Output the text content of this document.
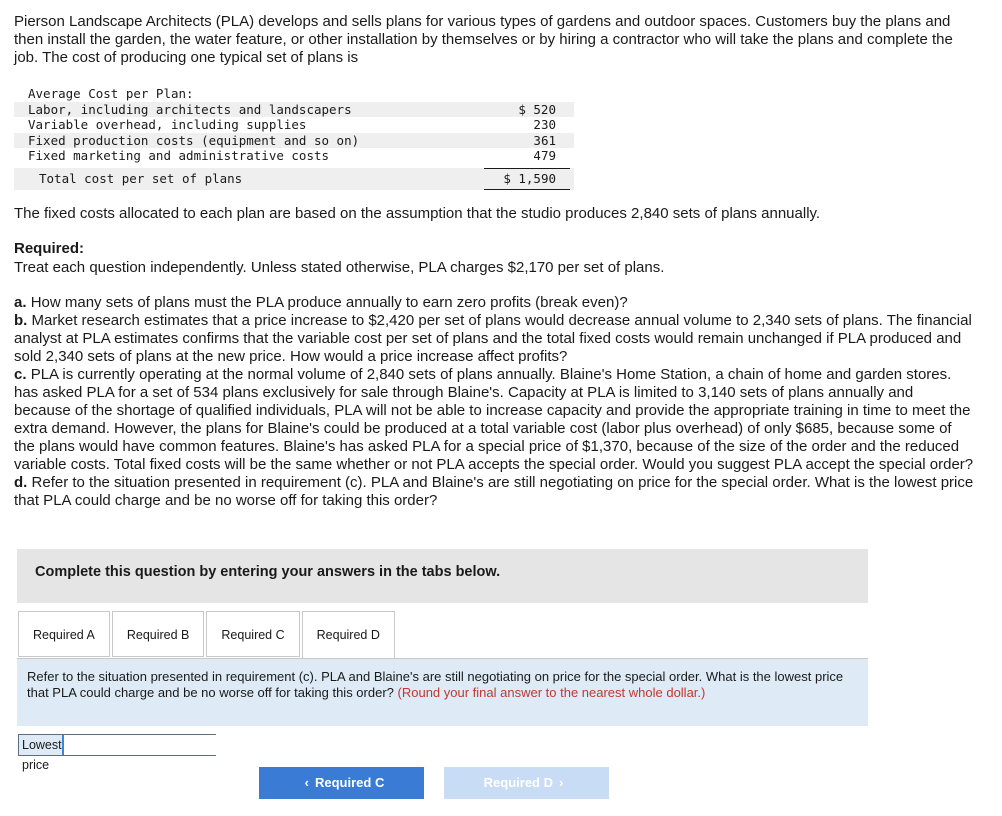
Pierson Landscape Architects (PLA) develops and sells plans for various types of gardens and outdoor spaces. Customers buy the plans and then install the garden, the water feature, or other installation by themselves or by hiring a contractor who will take the plans and complete the job. The cost of producing one typical set of plans is

Average Cost per Plan:
Labor, including architects and landscapers	$ 520
Variable overhead, including supplies	230
Fixed production costs (equipment and so on)	361
Fixed marketing and administrative costs	479
Total cost per set of plans	$ 1,590

The fixed costs allocated to each plan are based on the assumption that the studio produces 2,840 sets of plans annually.

Required:

Treat each question independently. Unless stated otherwise, PLA charges $2,170 per set of plans.

a. How many sets of plans must the PLA produce annually to earn zero profits (break even)?

b. Market research estimates that a price increase to $2,420 per set of plans would decrease annual volume to 2,340 sets of plans. The financial analyst at PLA estimates confirms that the variable cost per set of plans and the total fixed costs would remain unchanged if PLA produced and sold 2,340 sets of plans at the new price. How would a price increase affect profits?

c. PLA is currently operating at the normal volume of 2,840 sets of plans annually. Blaine's Home Station, a chain of home and garden stores. has asked PLA for a set of 534 plans exclusively for sale through Blaine's. Capacity at PLA is limited to 3,140 sets of plans annually and because of the shortage of qualified individuals, PLA will not be able to increase capacity and provide the appropriate training in time to meet the extra demand. However, the plans for Blaine's could be produced at a total variable cost (labor plus overhead) of only $685, because some of the plans would have common features. Blaine's has asked PLA for a special price of $1,370, because of the size of the order and the reduced variable costs. Total fixed costs will be the same whether or not PLA accepts the special order. Would you suggest PLA accept the special order?

d. Refer to the situation presented in requirement (c). PLA and Blaine's are still negotiating on price for the special order. What is the lowest price that PLA could charge and be no worse off for taking this order?

Complete this question by entering your answers in the tabs below.
Required A	Required B	Required C	Required D
Refer to the situation presented in requirement (c). PLA and Blaine's are still negotiating on price for the special order. What is the lowest price that PLA could charge and be no worse off for taking this order? (Round your final answer to the nearest whole dollar.)
Lowest price
‹ Required C	Required D ›
